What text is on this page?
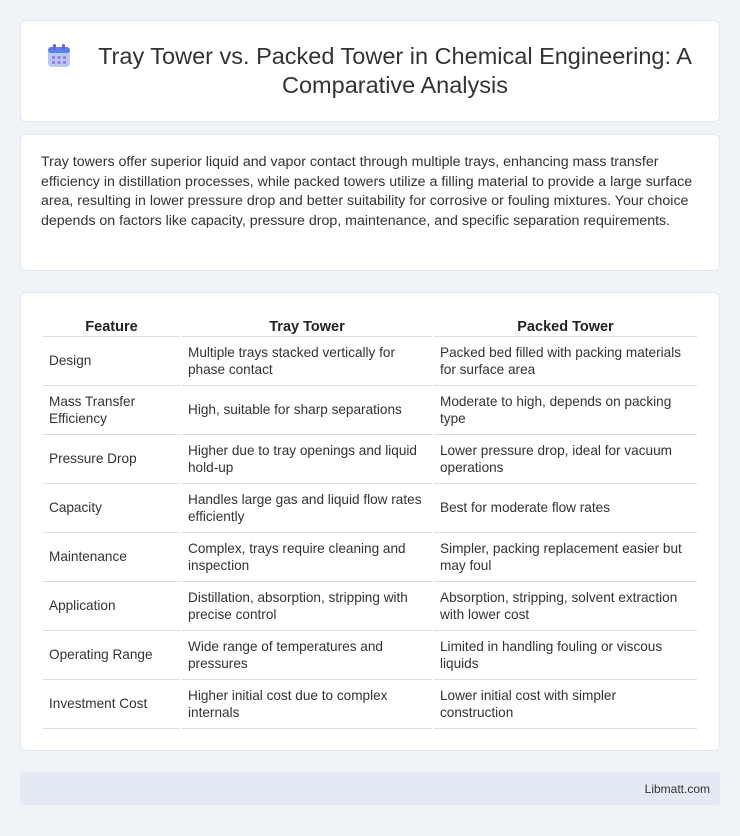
Tray Tower vs. Packed Tower in Chemical Engineering: A Comparative Analysis

Tray towers offer superior liquid and vapor contact through multiple trays, enhancing mass transfer efficiency in distillation processes, while packed towers utilize a filling material to provide a large surface area, resulting in lower pressure drop and better suitability for corrosive or fouling mixtures. Your choice depends on factors like capacity, pressure drop, maintenance, and specific separation requirements.

Feature	Tray Tower	Packed Tower
Design	Multiple trays stacked vertically for phase contact	Packed bed filled with packing materials for surface area
Mass Transfer Efficiency	High, suitable for sharp separations	Moderate to high, depends on packing type
Pressure Drop	Higher due to tray openings and liquid hold-up	Lower pressure drop, ideal for vacuum operations
Capacity	Handles large gas and liquid flow rates efficiently	Best for moderate flow rates
Maintenance	Complex, trays require cleaning and inspection	Simpler, packing replacement easier but may foul
Application	Distillation, absorption, stripping with precise control	Absorption, stripping, solvent extraction with lower cost
Operating Range	Wide range of temperatures and pressures	Limited in handling fouling or viscous liquids
Investment Cost	Higher initial cost due to complex internals	Lower initial cost with simpler construction
Libmatt.com
